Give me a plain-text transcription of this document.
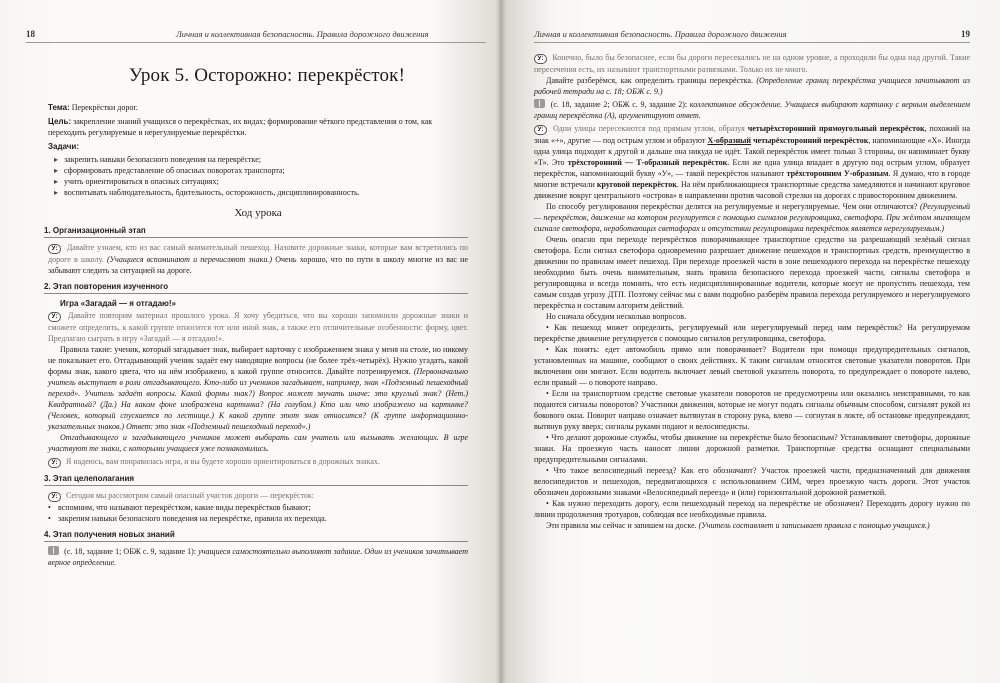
18	Личная и коллективная безопасность. Правила дорожного движения
Урок 5. Осторожно: перекрёсток!
Тема: Перекрёстки дорог.
Цель: закрепление знаний учащихся о перекрёстках, их видах; формирование чёткого представления о том, как переходить регулируемые и нерегулируемые перекрёстки.
Задачи:
▸ закрепить навыки безопасного поведения на перекрёстке;
▸ сформировать представление об опасных поворотах транспорта;
▸ учить ориентироваться в опасных ситуациях;
▸ воспитывать наблюдательность, бдительность, осторожность, дисциплинированность.
Ход урока
1. Организационный этап

У: Давайте узнаем, кто из вас самый внимательный пешеход. Назовите дорожные знаки, которые вам встретились по дороге в школу. (Учащиеся вспоминают и перечисляют знаки.) Очень хорошо, что по пути в школу многие из вас не забывают следить за ситуацией на дороге.

2. Этап повторения изученного
Игра «Загадай — я отгадаю!»

У: Давайте повторим материал прошлого урока. Я хочу убедиться, что вы хорошо запомнили дорожные знаки и сможете определить, к какой группе относится тот или иной знак, а также его отличительные особенности: форму, цвет. Предлагаю сыграть в игру «Загадай — я отгадаю!».

Правила такие: ученик, который загадывает знак, выбирает карточку с изображением знака у меня на столе, но никому не показывает его. Отгадывающий ученик задаёт ему наводящие вопросы (не более трёх-четырёх). Нужно угадать, какой формы знак, какого цвета, что на нём изображено, к какой группе относится. Давайте потренируемся. (Первоначально учитель выступает в роли отгадывающего. Кто-либо из учеников загадывает, например, знак «Подземный пешеходный переход». Учитель задаёт вопросы. Какой формы знак?) Вопрос может звучать иначе: это круглый знак? (Нет.) Квадратный? (Да.) На каком фоне изображена картинка? (На голубом.) Кто или что изображено на картинке? (Человек, который спускается по лестнице.) К какой группе этот знак относится? (К группе информационно-указательных знаков.) Ответ: это знак «Подземный пешеходный переход».)

Отгадывающего и загадывающего учеников может выбирать сам учитель или вызывать желающих. В игре участвуют те знаки, с которыми учащиеся уже познакомились.

У: Я надеюсь, вам понравилась игра, и вы будете хорошо ориентироваться в дорожных знаках.

3. Этап целеполагания

У: Сегодня мы рассмотрим самый опасный участок дороги — перекрёсток:

• вспомним, что называют перекрёстком, какие виды перекрёстков бывают;
• закрепим навыки безопасного поведения на перекрёстке, правила их перехода.
4. Этап получения новых знаний

(с. 18, задание 1; ОБЖ с. 9, задание 1): учащиеся самостоятельно выполняют задание. Один из учеников зачитывает верное определение.

Личная и коллективная безопасность. Правила дорожного движения	19

У: Конечно, было бы безопаснее, если бы дороги пересекались не на одном уровне, а проходили бы одна над другой. Такие пересечения есть, их называют транспортными развязками. Только их не много.

Давайте разберёмся, как определить границы перекрёстка. (Определение границ перекрёстка учащиеся зачитывают из рабочей тетради на с. 18; ОБЖ с. 9.)

(с. 18, задание 2; ОБЖ с. 9, задание 2): коллективное обсуждение. Учащиеся выбирают картинку с верным выделением границ перекрёстка (А), аргументируют ответ.

У: Одни улицы пересекаются под прямым углом, образуя четырёхсторонний прямоугольный перекрёсток, похожий на знак «+», другие — под острым углом и образуют Х-образный четырёхсторонний перекрёсток, напоминающие «Х». Иногда одна улица подходит к другой и дальше она никуда не идёт. Такой перекрёсток имеет только 3 стороны, он напоминает букву «Т». Это трёхсторонний — Т-образный перекрёсток. Если же одна улица впадает в другую под острым углом, образует перекрёсток, напоминающий букву «У», — такой перекрёсток называют трёхсторонним У-образным. Я думаю, что в городе многие встречали круговой перекрёсток. На нём приближающиеся транспортные средства замедляются и начинают круговое движение вокруг центрального «острова» в направлении против часовой стрелки на дорогах с правосторонним движением.

По способу регулирования перекрёстки делятся на регулируемые и нерегулируемые. Чем они отличаются? (Регулируемый — перекрёсток, движение на котором регулируется с помощью сигналов регулировщика, светофора. При жёлтом мигающем сигнале светофора, неработающих светофорах и отсутствии регулировщика перекрёсток является нерегулируемым.)

Очень опасно при переходе перекрёстков поворачивающее транспортное средство на разрешающий зелёный сигнал светофора. Если сигнал светофора одновременно разрешает движение пешеходов и транспортных средств, преимущество в движении по правилам имеет пешеход. При переходе проезжей части в зоне пешеходного перехода на перекрёстке пешеходу необходимо быть очень внимательным, знать правила безопасного перехода проезжей части, сигналы светофора и регулировщика и всегда помнить, что есть недисциплинированные водители, которые могут не пропустить пешехода, тем самым создав угрозу ДТП. Поэтому сейчас мы с вами подробно разберём правила перехода регулируемого и нерегулируемого перекрёстка и составим алгоритм действий.

Но сначала обсудим несколько вопросов.

• Как пешеход может определить, регулируемый или нерегулируемый перед ним перекрёсток? На регулируемом перекрёстке движение регулируется с помощью сигналов регулировщика, светофора.

• Как понять: едет автомобиль прямо или поворачивает? Водители при помощи предупредительных сигналов, установленных на машине, сообщают о своих действиях. К таким сигналам относятся световые указатели поворотов. При включении они мигают. Если водитель включает левый световой указатель поворота, то предупреждает о повороте налево, если правый — о повороте направо.

• Если на транспортном средстве световые указатели поворотов не предусмотрены или оказались неисправными, то как подаются сигналы поворотов? Участники движения, которые не могут подать сигналы обычным способом, сигналят рукой из бокового окна. Поворот направо означает вытянутая в сторону рука, влево — согнутая в локте, об остановке предупреждают, вытянув руку вверх; сигналы руками подают и велосипедисты.

• Что делают дорожные службы, чтобы движение на перекрёстке было безопасным? Устанавливают светофоры, дорожные знаки. На проезжую часть наносят линии дорожной разметки. Транспортные средства оснащают специальными предупредительными сигналами.

• Что такое велосипедный переезд? Как его обозначают? Участок проезжей части, предназначенный для движения велосипедистов и пешеходов, передвигающихся с использованием СИМ, через проезжую часть дороги. Этот участок обозначен дорожными знаками «Велосипедный переезд» и (или) горизонтальной дорожной разметкой.

• Как нужно переходить дорогу, если пешеходный переход на перекрёстке не обозначен? Переходить дорогу нужно по линии продолжения тротуаров, соблюдая все необходимые правила.

Эти правила мы сейчас и запишем на доске. (Учитель составляет и записывает правила с помощью учащихся.)
